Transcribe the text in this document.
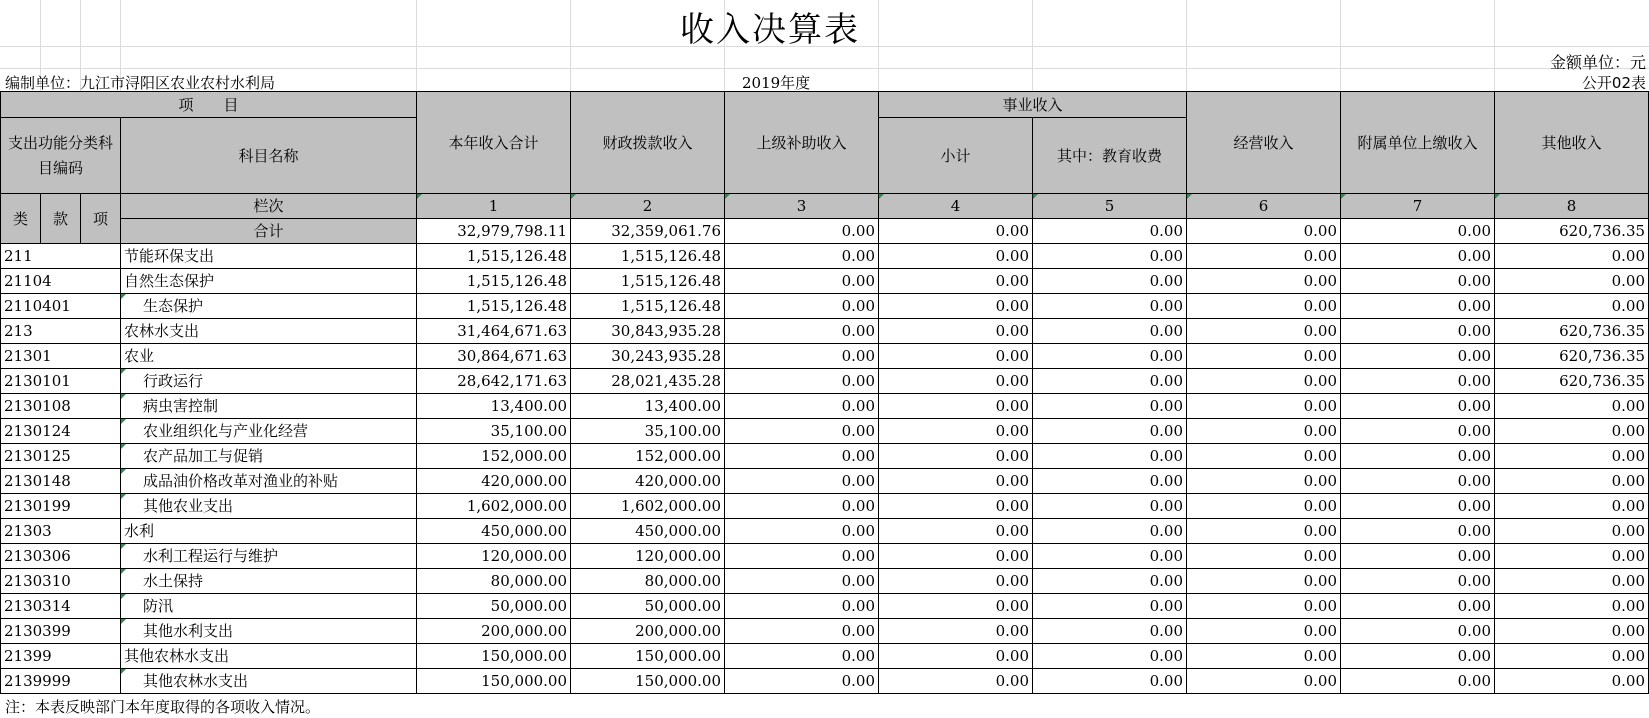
收入决算表
金额单位：元
编制单位：九江市浔阳区农业农村水利局	2019年度	公开02表
项　　目				本年收入合计	财政拨款收入	上级补助收入	事业收入		经营收入	附属单位上缴收入	其他收入
支出功能分类科目编码			科目名称				小计	其中：教育收费			
类	款	项	栏次	1	2	3	4	5	6	7	8
			合计	32,979,798.11	32,359,061.76	0.00	0.00	0.00	0.00	0.00	620,736.35
211			节能环保支出	1,515,126.48	1,515,126.48	0.00	0.00	0.00	0.00	0.00	0.00
21104			自然生态保护	1,515,126.48	1,515,126.48	0.00	0.00	0.00	0.00	0.00	0.00
2110401			生态保护	1,515,126.48	1,515,126.48	0.00	0.00	0.00	0.00	0.00	0.00
213			农林水支出	31,464,671.63	30,843,935.28	0.00	0.00	0.00	0.00	0.00	620,736.35
21301			农业	30,864,671.63	30,243,935.28	0.00	0.00	0.00	0.00	0.00	620,736.35
2130101			行政运行	28,642,171.63	28,021,435.28	0.00	0.00	0.00	0.00	0.00	620,736.35
2130108			病虫害控制	13,400.00	13,400.00	0.00	0.00	0.00	0.00	0.00	0.00
2130124			农业组织化与产业化经营	35,100.00	35,100.00	0.00	0.00	0.00	0.00	0.00	0.00
2130125			农产品加工与促销	152,000.00	152,000.00	0.00	0.00	0.00	0.00	0.00	0.00
2130148			成品油价格改革对渔业的补贴	420,000.00	420,000.00	0.00	0.00	0.00	0.00	0.00	0.00
2130199			其他农业支出	1,602,000.00	1,602,000.00	0.00	0.00	0.00	0.00	0.00	0.00
21303			水利	450,000.00	450,000.00	0.00	0.00	0.00	0.00	0.00	0.00
2130306			水利工程运行与维护	120,000.00	120,000.00	0.00	0.00	0.00	0.00	0.00	0.00
2130310			水土保持	80,000.00	80,000.00	0.00	0.00	0.00	0.00	0.00	0.00
2130314			防汛	50,000.00	50,000.00	0.00	0.00	0.00	0.00	0.00	0.00
2130399			其他水利支出	200,000.00	200,000.00	0.00	0.00	0.00	0.00	0.00	0.00
21399			其他农林水支出	150,000.00	150,000.00	0.00	0.00	0.00	0.00	0.00	0.00
2139999			其他农林水支出	150,000.00	150,000.00	0.00	0.00	0.00	0.00	0.00	0.00
注：本表反映部门本年度取得的各项收入情况。
